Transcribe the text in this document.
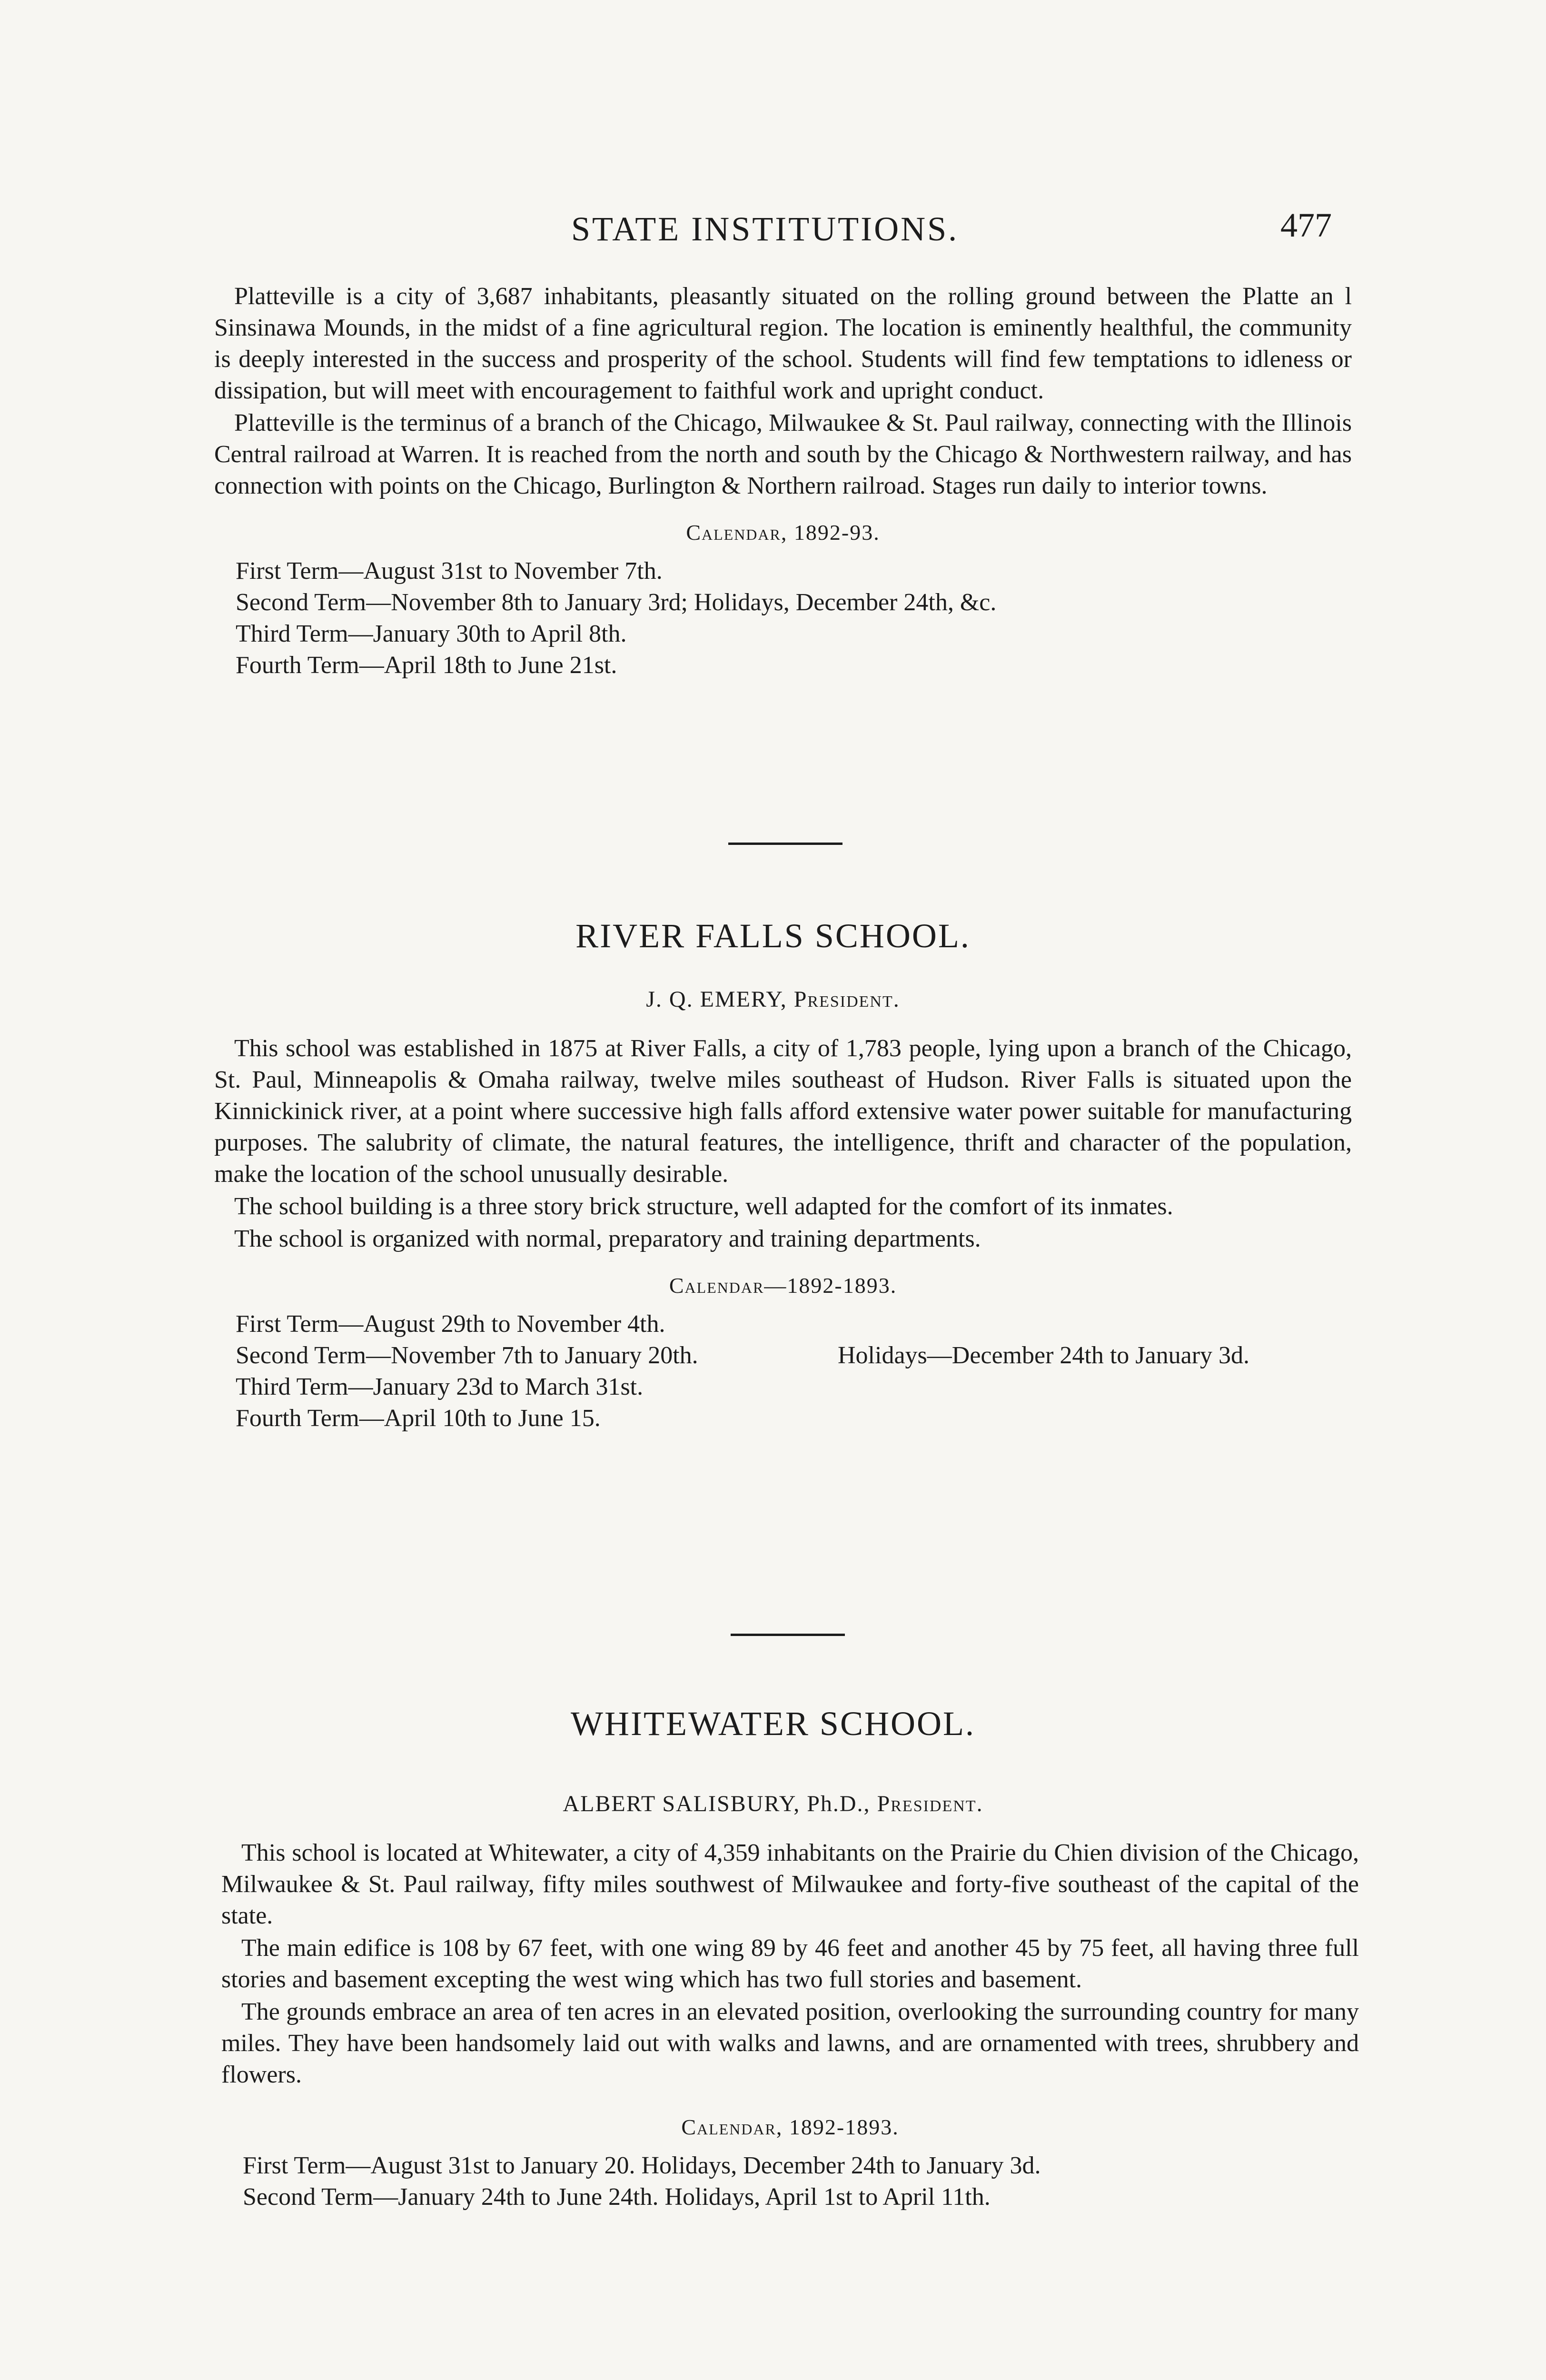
STATE INSTITUTIONS.	477

Platteville is a city of 3,687 inhabitants, pleasantly situated on the rolling ground between the Platte an l Sinsinawa Mounds, in the midst of a fine agricultural region. The location is eminently healthful, the community is deeply interested in the success and prosperity of the school. Students will find few temptations to idleness or dissipation, but will meet with encouragement to faithful work and upright conduct.

Platteville is the terminus of a branch of the Chicago, Milwaukee & St. Paul railway, connecting with the Illinois Central railroad at Warren. It is reached from the north and south by the Chicago & Northwestern railway, and has connection with points on the Chicago, Burlington & Northern railroad. Stages run daily to interior towns.

Calendar, 1892-93.
First Term—August 31st to November 7th.
Second Term—November 8th to January 3rd; Holidays, December 24th, &c.
Third Term—January 30th to April 8th.
Fourth Term—April 18th to June 21st.
RIVER FALLS SCHOOL.
J. Q. EMERY, President.

This school was established in 1875 at River Falls, a city of 1,783 people, lying upon a branch of the Chicago, St. Paul, Minneapolis & Omaha railway, twelve miles southeast of Hudson. River Falls is situated upon the Kinnickinick river, at a point where successive high falls afford extensive water power suitable for manufacturing purposes. The salubrity of climate, the natural features, the intelligence, thrift and character of the population, make the location of the school unusually desirable.

The school building is a three story brick structure, well adapted for the comfort of its inmates.

The school is organized with normal, preparatory and training departments.

Calendar—1892-1893.
First Term—August 29th to November 4th.
Second Term—November 7th to January 20th.	Holidays—December 24th to January 3d.
Third Term—January 23d to March 31st.
Fourth Term—April 10th to June 15.
WHITEWATER SCHOOL.
ALBERT SALISBURY, Ph.D., President.

This school is located at Whitewater, a city of 4,359 inhabitants on the Prairie du Chien division of the Chicago, Milwaukee & St. Paul railway, fifty miles southwest of Milwaukee and forty-five southeast of the capital of the state.

The main edifice is 108 by 67 feet, with one wing 89 by 46 feet and another 45 by 75 feet, all having three full stories and basement excepting the west wing which has two full stories and basement.

The grounds embrace an area of ten acres in an elevated position, overlooking the surrounding country for many miles. They have been handsomely laid out with walks and lawns, and are ornamented with trees, shrubbery and flowers.

Calendar, 1892-1893.
First Term—August 31st to January 20. Holidays, December 24th to January 3d.
Second Term—January 24th to June 24th. Holidays, April 1st to April 11th.
